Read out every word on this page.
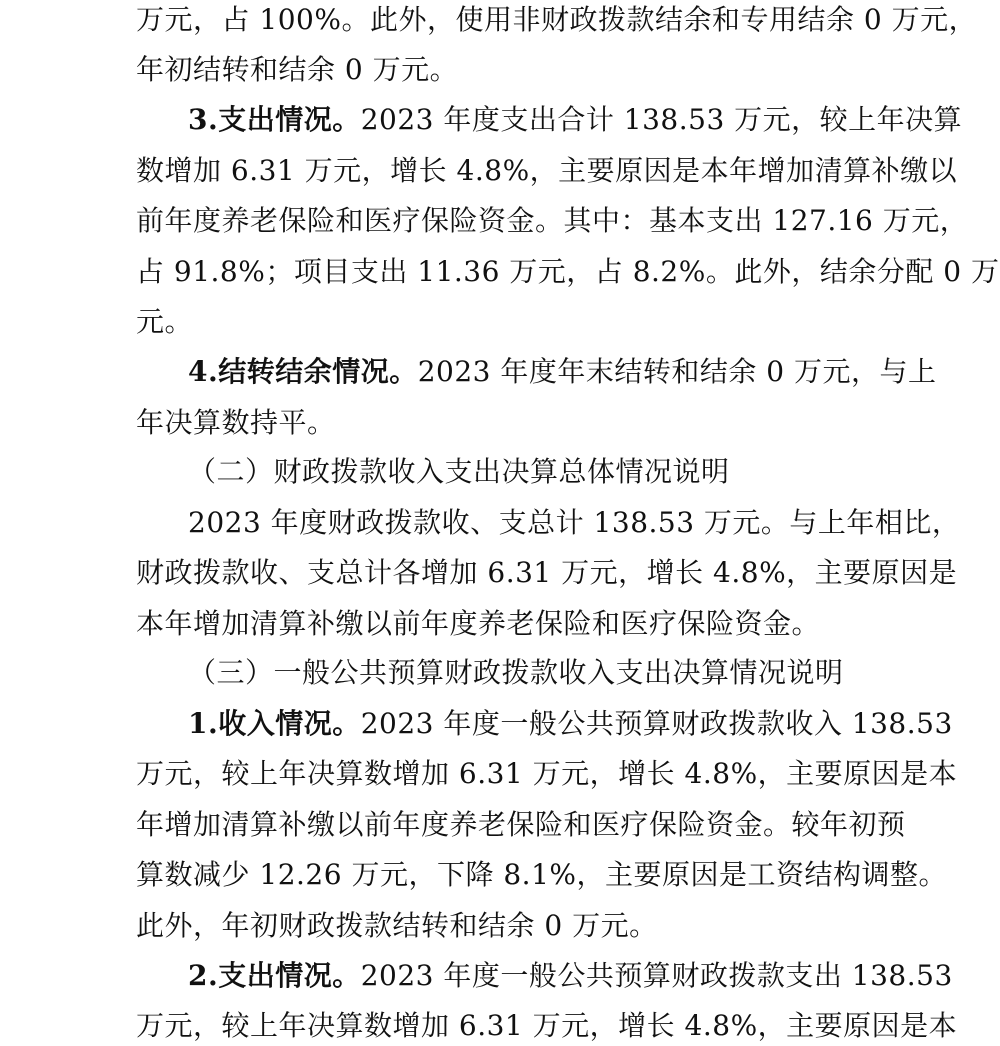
万元，占 100%。此外，使用非财政拨款结余和专用结余 0 万元，
年初结转和结余 0 万元。
3.支出情况。2023 年度支出合计 138.53 万元，较上年决算
数增加 6.31 万元，增长 4.8%，主要原因是本年增加清算补缴以
前年度养老保险和医疗保险资金。其中：基本支出 127.16 万元，
占 91.8%；项目支出 11.36 万元，占 8.2%。此外，结余分配 0 万
元。
4.结转结余情况。2023 年度年末结转和结余 0 万元，与上
年决算数持平。
（二）财政拨款收入支出决算总体情况说明
2023 年度财政拨款收、支总计 138.53 万元。与上年相比，
财政拨款收、支总计各增加 6.31 万元，增长 4.8%，主要原因是
本年增加清算补缴以前年度养老保险和医疗保险资金。
（三）一般公共预算财政拨款收入支出决算情况说明
1.收入情况。2023 年度一般公共预算财政拨款收入 138.53
万元，较上年决算数增加 6.31 万元，增长 4.8%，主要原因是本
年增加清算补缴以前年度养老保险和医疗保险资金。较年初预
算数减少 12.26 万元，下降 8.1%，主要原因是工资结构调整。
此外，年初财政拨款结转和结余 0 万元。
2.支出情况。2023 年度一般公共预算财政拨款支出 138.53
万元，较上年决算数增加 6.31 万元，增长 4.8%，主要原因是本
